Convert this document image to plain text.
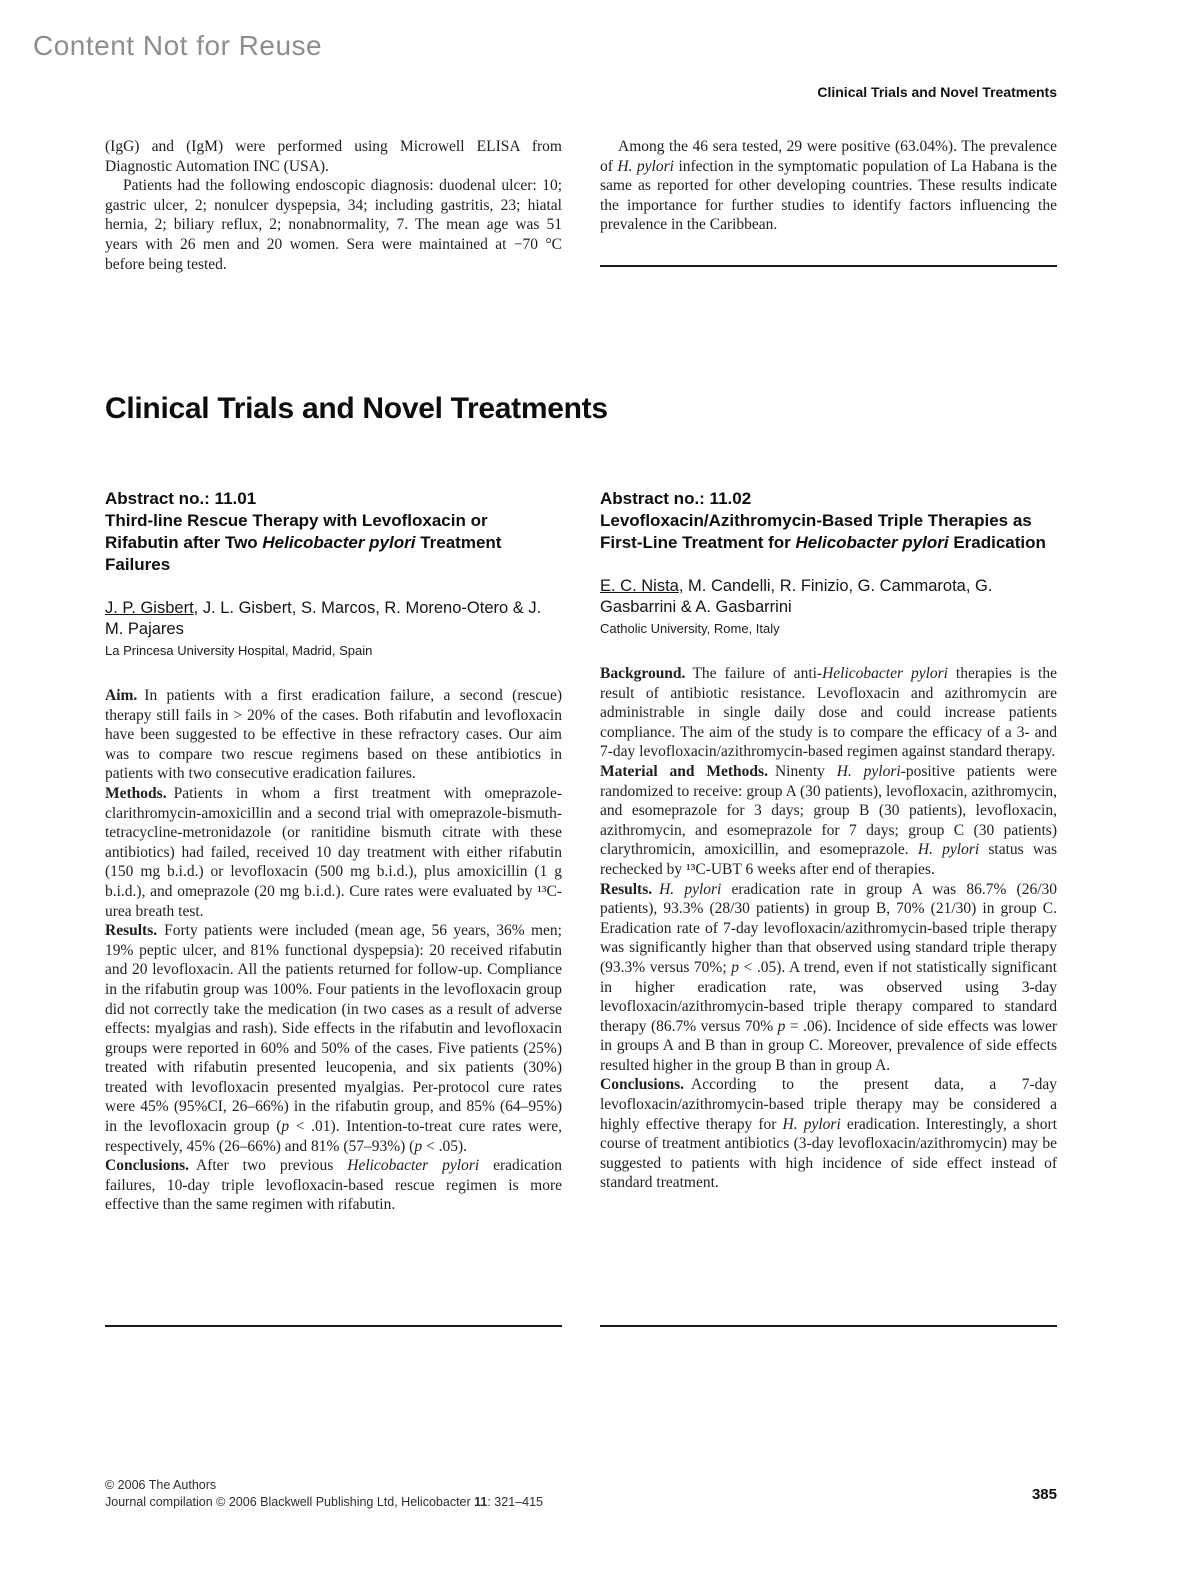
Content Not for Reuse
Clinical Trials and Novel Treatments

(IgG) and (IgM) were performed using Microwell ELISA from Diagnostic Automation INC (USA).

Patients had the following endoscopic diagnosis: duodenal ulcer: 10; gastric ulcer, 2; nonulcer dyspepsia, 34; including gastritis, 23; hiatal hernia, 2; biliary reflux, 2; nonabnormality, 7. The mean age was 51 years with 26 men and 20 women. Sera were maintained at −70 °C before being tested.

Among the 46 sera tested, 29 were positive (63.04%). The prevalence of H. pylori infection in the symptomatic population of La Habana is the same as reported for other developing countries. These results indicate the importance for further studies to identify factors influencing the prevalence in the Caribbean.

Clinical Trials and Novel Treatments
Abstract no.: 11.01
Third-line Rescue Therapy with Levofloxacin or Rifabutin after Two Helicobacter pylori Treatment Failures
J. P. Gisbert, J. L. Gisbert, S. Marcos, R. Moreno-Otero & J. M. Pajares
La Princesa University Hospital, Madrid, Spain

Aim. In patients with a first eradication failure, a second (rescue) therapy still fails in > 20% of the cases. Both rifabutin and levofloxacin have been suggested to be effective in these refractory cases. Our aim was to compare two rescue regimens based on these antibiotics in patients with two consecutive eradication failures.

Methods. Patients in whom a first treatment with omeprazole-clarithromycin-amoxicillin and a second trial with omeprazole-bismuth-tetracycline-metronidazole (or ranitidine bismuth citrate with these antibiotics) had failed, received 10 day treatment with either rifabutin (150 mg b.i.d.) or levofloxacin (500 mg b.i.d.), plus amoxicillin (1 g b.i.d.), and omeprazole (20 mg b.i.d.). Cure rates were evaluated by ¹³C-urea breath test.

Results. Forty patients were included (mean age, 56 years, 36% men; 19% peptic ulcer, and 81% functional dyspepsia): 20 received rifabutin and 20 levofloxacin. All the patients returned for follow-up. Compliance in the rifabutin group was 100%. Four patients in the levofloxacin group did not correctly take the medication (in two cases as a result of adverse effects: myalgias and rash). Side effects in the rifabutin and levofloxacin groups were reported in 60% and 50% of the cases. Five patients (25%) treated with rifabutin presented leucopenia, and six patients (30%) treated with levofloxacin presented myalgias. Per-protocol cure rates were 45% (95%CI, 26–66%) in the rifabutin group, and 85% (64–95%) in the levofloxacin group (p < .01). Intention-to-treat cure rates were, respectively, 45% (26–66%) and 81% (57–93%) (p < .05).

Conclusions. After two previous Helicobacter pylori eradication failures, 10-day triple levofloxacin-based rescue regimen is more effective than the same regimen with rifabutin.

Abstract no.: 11.02
Levofloxacin/Azithromycin-Based Triple Therapies as First-Line Treatment for Helicobacter pylori Eradication
E. C. Nista, M. Candelli, R. Finizio, G. Cammarota, G. Gasbarrini & A. Gasbarrini
Catholic University, Rome, Italy

Background. The failure of anti-Helicobacter pylori therapies is the result of antibiotic resistance. Levofloxacin and azithromycin are administrable in single daily dose and could increase patients compliance. The aim of the study is to compare the efficacy of a 3- and 7-day levofloxacin/azithromycin-based regimen against standard therapy.

Material and Methods. Ninenty H. pylori-positive patients were randomized to receive: group A (30 patients), levofloxacin, azithromycin, and esomeprazole for 3 days; group B (30 patients), levofloxacin, azithromycin, and esomeprazole for 7 days; group C (30 patients) clarythromicin, amoxicillin, and esomeprazole. H. pylori status was rechecked by ¹³C-UBT 6 weeks after end of therapies.

Results. H. pylori eradication rate in group A was 86.7% (26/30 patients), 93.3% (28/30 patients) in group B, 70% (21/30) in group C. Eradication rate of 7-day levofloxacin/azithromycin-based triple therapy was significantly higher than that observed using standard triple therapy (93.3% versus 70%; p < .05). A trend, even if not statistically significant in higher eradication rate, was observed using 3-day levofloxacin/azithromycin-based triple therapy compared to standard therapy (86.7% versus 70% p = .06). Incidence of side effects was lower in groups A and B than in group C. Moreover, prevalence of side effects resulted higher in the group B than in group A.

Conclusions. According to the present data, a 7-day levofloxacin/azithromycin-based triple therapy may be considered a highly effective therapy for H. pylori eradication. Interestingly, a short course of treatment antibiotics (3-day levofloxacin/azithromycin) may be suggested to patients with high incidence of side effect instead of standard treatment.

© 2006 The Authors

Journal compilation © 2006 Blackwell Publishing Ltd, Helicobacter 11: 321–415	385
